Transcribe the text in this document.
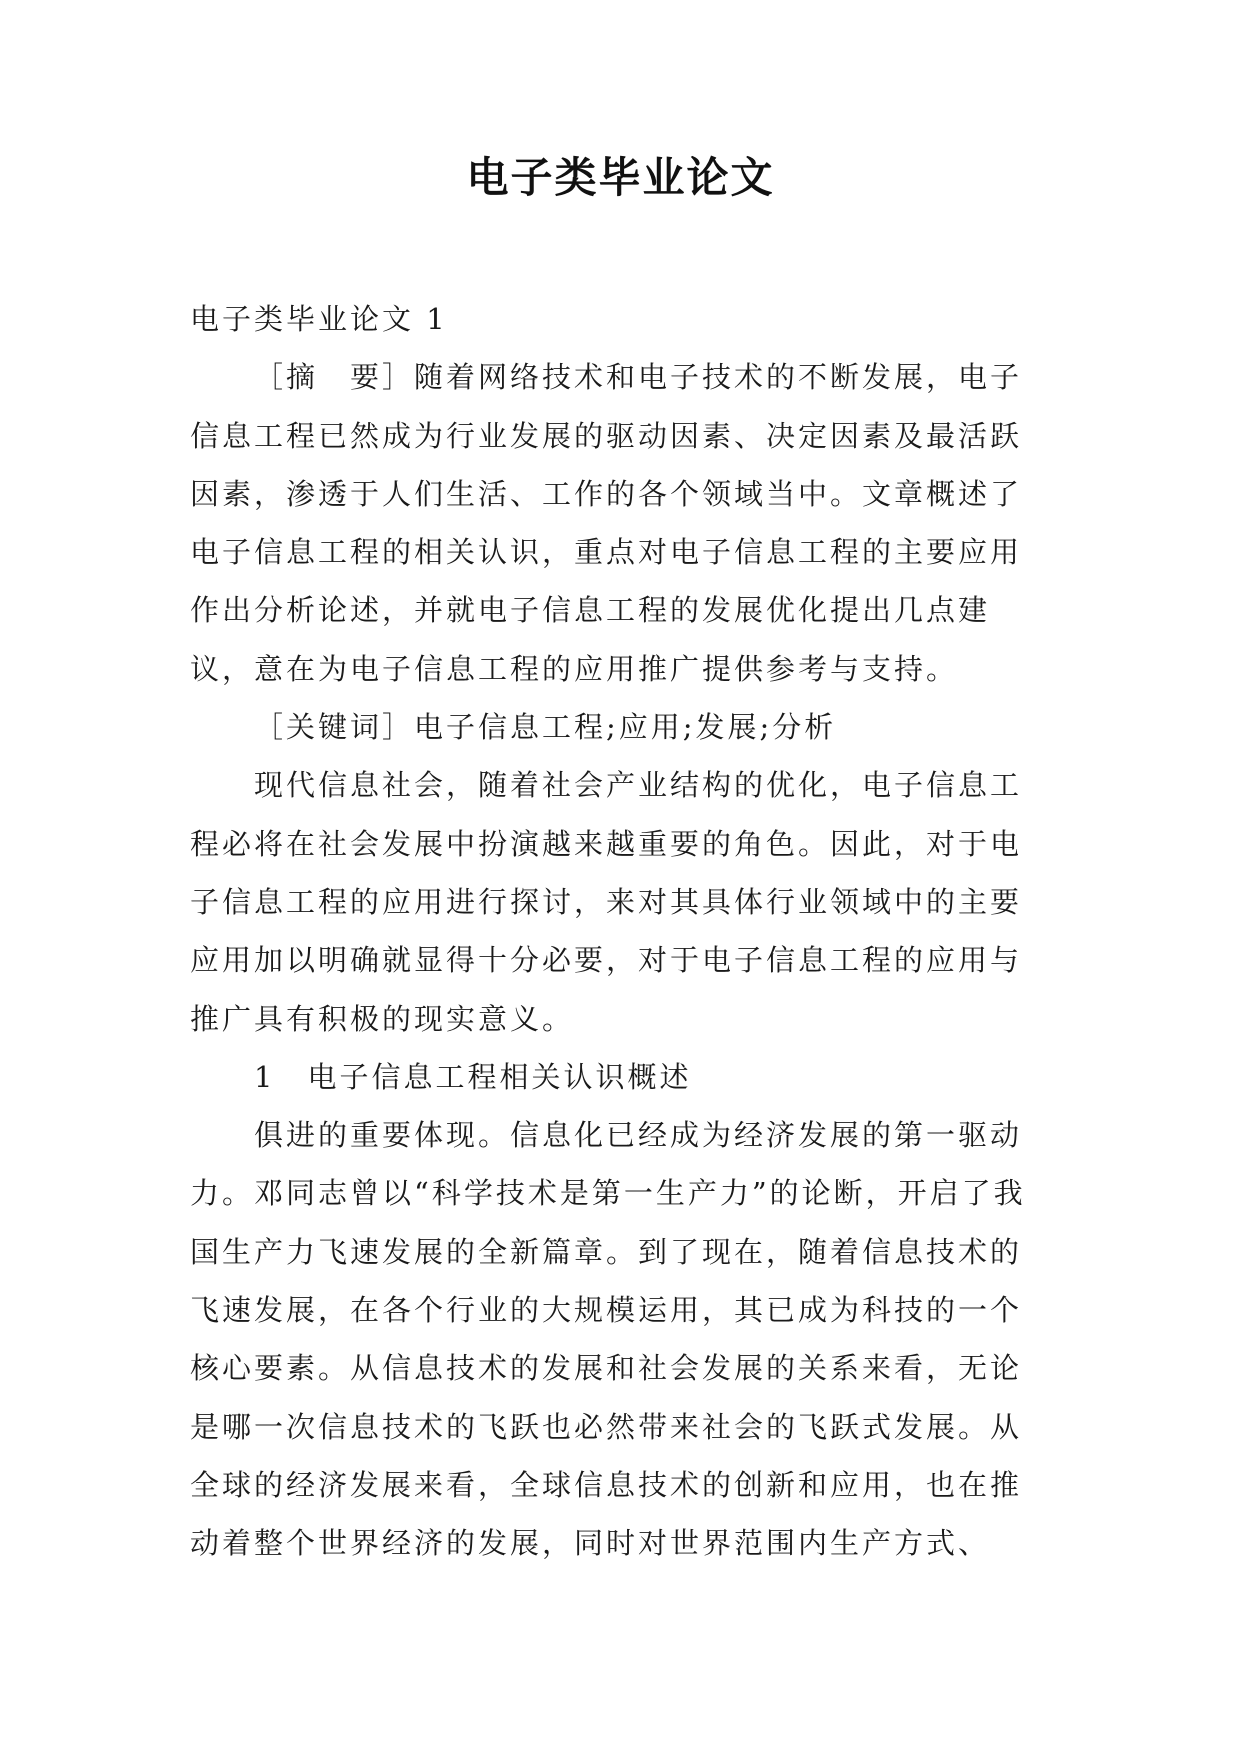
电子类毕业论文

电子类毕业论文 1

［摘　要］随着网络技术和电子技术的不断发展，电子信息工程已然成为行业发展的驱动因素、决定因素及最活跃因素，渗透于人们生活、工作的各个领域当中。文章概述了电子信息工程的相关认识，重点对电子信息工程的主要应用作出分析论述，并就电子信息工程的发展优化提出几点建议，意在为电子信息工程的应用推广提供参考与支持。

［关键词］电子信息工程;应用;发展;分析

现代信息社会，随着社会产业结构的优化，电子信息工程必将在社会发展中扮演越来越重要的角色。因此，对于电子信息工程的应用进行探讨，来对其具体行业领域中的主要应用加以明确就显得十分必要，对于电子信息工程的应用与推广具有积极的现实意义。

1　电子信息工程相关认识概述

俱进的重要体现。信息化已经成为经济发展的第一驱动力。邓同志曾以“科学技术是第一生产力”的论断，开启了我国生产力飞速发展的全新篇章。到了现在，随着信息技术的飞速发展，在各个行业的大规模运用，其已成为科技的一个核心要素。从信息技术的发展和社会发展的关系来看，无论是哪一次信息技术的飞跃也必然带来社会的飞跃式发展。从全球的经济发展来看，全球信息技术的创新和应用，也在推动着整个世界经济的发展，同时对世界范围内生产方式、
